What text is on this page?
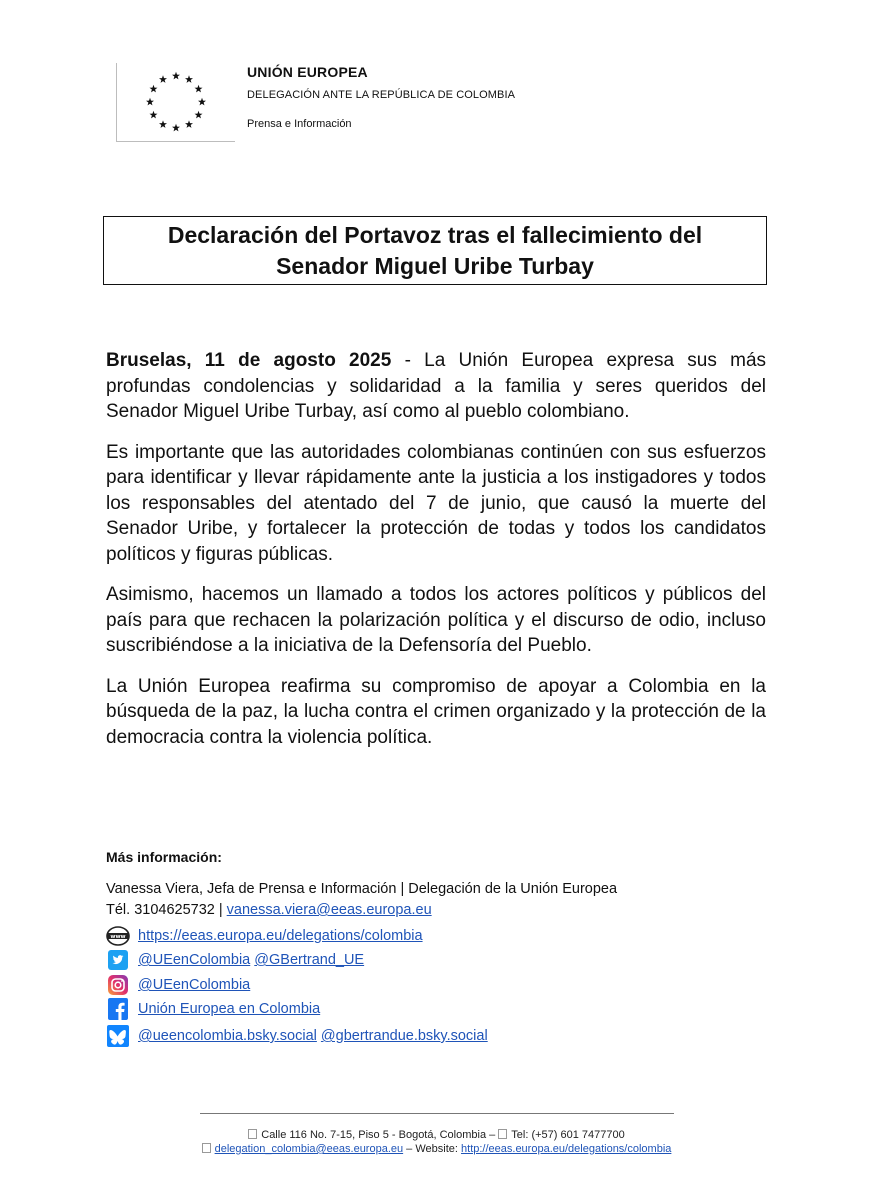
UNIÓN EUROPEA
DELEGACIÓN ANTE LA REPÚBLICA DE COLOMBIA
Prensa e Información
Declaración del Portavoz tras el fallecimiento del
Senador Miguel Uribe Turbay

Bruselas, 11 de agosto 2025 - La Unión Europea expresa sus más profundas condolencias y solidaridad a la familia y seres queridos del Senador Miguel Uribe Turbay, así como al pueblo colombiano.

Es importante que las autoridades colombianas continúen con sus esfuerzos para identificar y llevar rápidamente ante la justicia a los instigadores y todos los responsables del atentado del 7 de junio, que causó la muerte del Senador Uribe, y fortalecer la protección de todas y todos los candidatos políticos y figuras públicas.

Asimismo, hacemos un llamado a todos los actores políticos y públicos del país para que rechacen la polarización política y el discurso de odio, incluso suscribiéndose a la iniciativa de la Defensoría del Pueblo.

La Unión Europea reafirma su compromiso de apoyar a Colombia en la búsqueda de la paz, la lucha contra el crimen organizado y la protección de la democracia contra la violencia política.

Más información:
Vanessa Viera, Jefa de Prensa e Información | Delegación de la Unión Europea
Tél. 3104625732 | vanessa.viera@eeas.europa.eu
www https://eeas.europa.eu/delegations/colombia
@UEenColombia
@GBertrand_UE
@UEenColombia
Unión Europea en Colombia
@ueencolombia.bsky.social
@gbertrandue.bsky.social
Calle 116 No. 7-15, Piso 5 - Bogotá, Colombia – Tel: (+57) 601 7477700
delegation_colombia@eeas.europa.eu – Website: http://eeas.europa.eu/delegations/colombia
